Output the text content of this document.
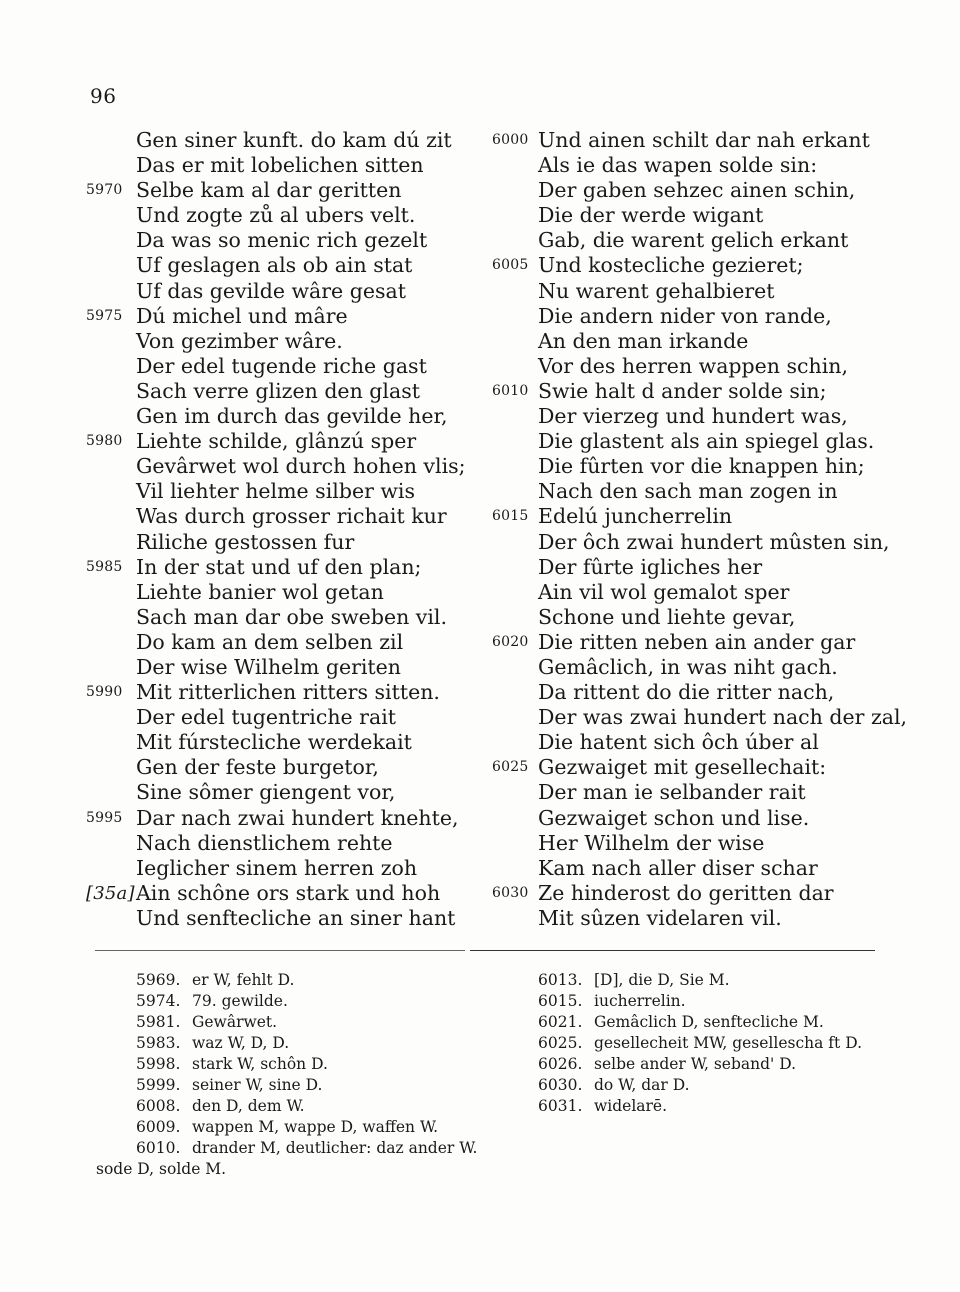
96
Gen siner kunft. do kam dú zit
Das er mit lobelichen sitten
5970 Selbe kam al dar geritten
Und zogte zů al ubers velt.
Da was so menic rich gezelt
Uf geslagen als ob ain stat
Uf das gevilde wâre gesat
5975 Dú michel und mâre
Von gezimber wâre.
Der edel tugende riche gast
Sach verre glizen den glast
Gen im durch das gevilde her,
5980 Liehte schilde, glânzú sper
Gevârwet wol durch hohen vlis;
Vil liehter helme silber wis
Was durch grosser richait kur
Riliche gestossen fur
5985 In der stat und uf den plan;
Liehte banier wol getan
Sach man dar obe sweben vil.
Do kam an dem selben zil
Der wise Wilhelm geriten
5990 Mit ritterlichen ritters sitten.
Der edel tugentriche rait
Mit fúrstecliche werdekait
Gen der feste burgetor,
Sine sômer giengent vor,
5995 Dar nach zwai hundert knehte,
Nach dienstlichem rehte
Ieglicher sinem herren zoh
[35a] Ain schône ors stark und hoh
Und senftecliche an siner hant
6000 Und ainen schilt dar nah erkant
Als ie das wapen solde sin:
Der gaben sehzec ainen schin,
Die der werde wigant
Gab, die warent gelich erkant
6005 Und kostecliche gezieret;
Nu warent gehalbieret
Die andern nider von rande,
An den man irkande
Vor des herren wappen schin,
6010 Swie halt d ander solde sin;
Der vierzeg und hundert was,
Die glastent als ain spiegel glas.
Die fûrten vor die knappen hin;
Nach den sach man zogen in
6015 Edelú juncherrelin
Der ôch zwai hundert mûsten sin,
Der fûrte igliches her
Ain vil wol gemalot sper
Schone und liehte gevar,
6020 Die ritten neben ain ander gar
Gemâclich, in was niht gach.
Da rittent do die ritter nach,
Der was zwai hundert nach der zal,
Die hatent sich ôch úber al
6025 Gezwaiget mit gesellechait:
Der man ie selbander rait
Gezwaiget schon und lise.
Her Wilhelm der wise
Kam nach aller diser schar
6030 Ze hinderost do geritten dar
Mit sûzen videlaren vil.
5969. er W, fehlt D.
5974. 79. gewilde.
5981. Gewârwet.
5983. waz W, D, D.
5998. stark W, schôn D.
5999. seiner W, sine D.
6008. den D, dem W.
6009. wappen M, wappe D, waffen W.
6010. drander M, deutlicher: daz ander W.
sode D, solde M.
6013. [D], die D, Sie M.
6015. iucherrelin.
6021. Gemâclich D, senftecliche M.
6025. gesellecheit MW, gesellescha ft D.
6026. selbe ander W, seband' D.
6030. do W, dar D.
6031. widelarē.
